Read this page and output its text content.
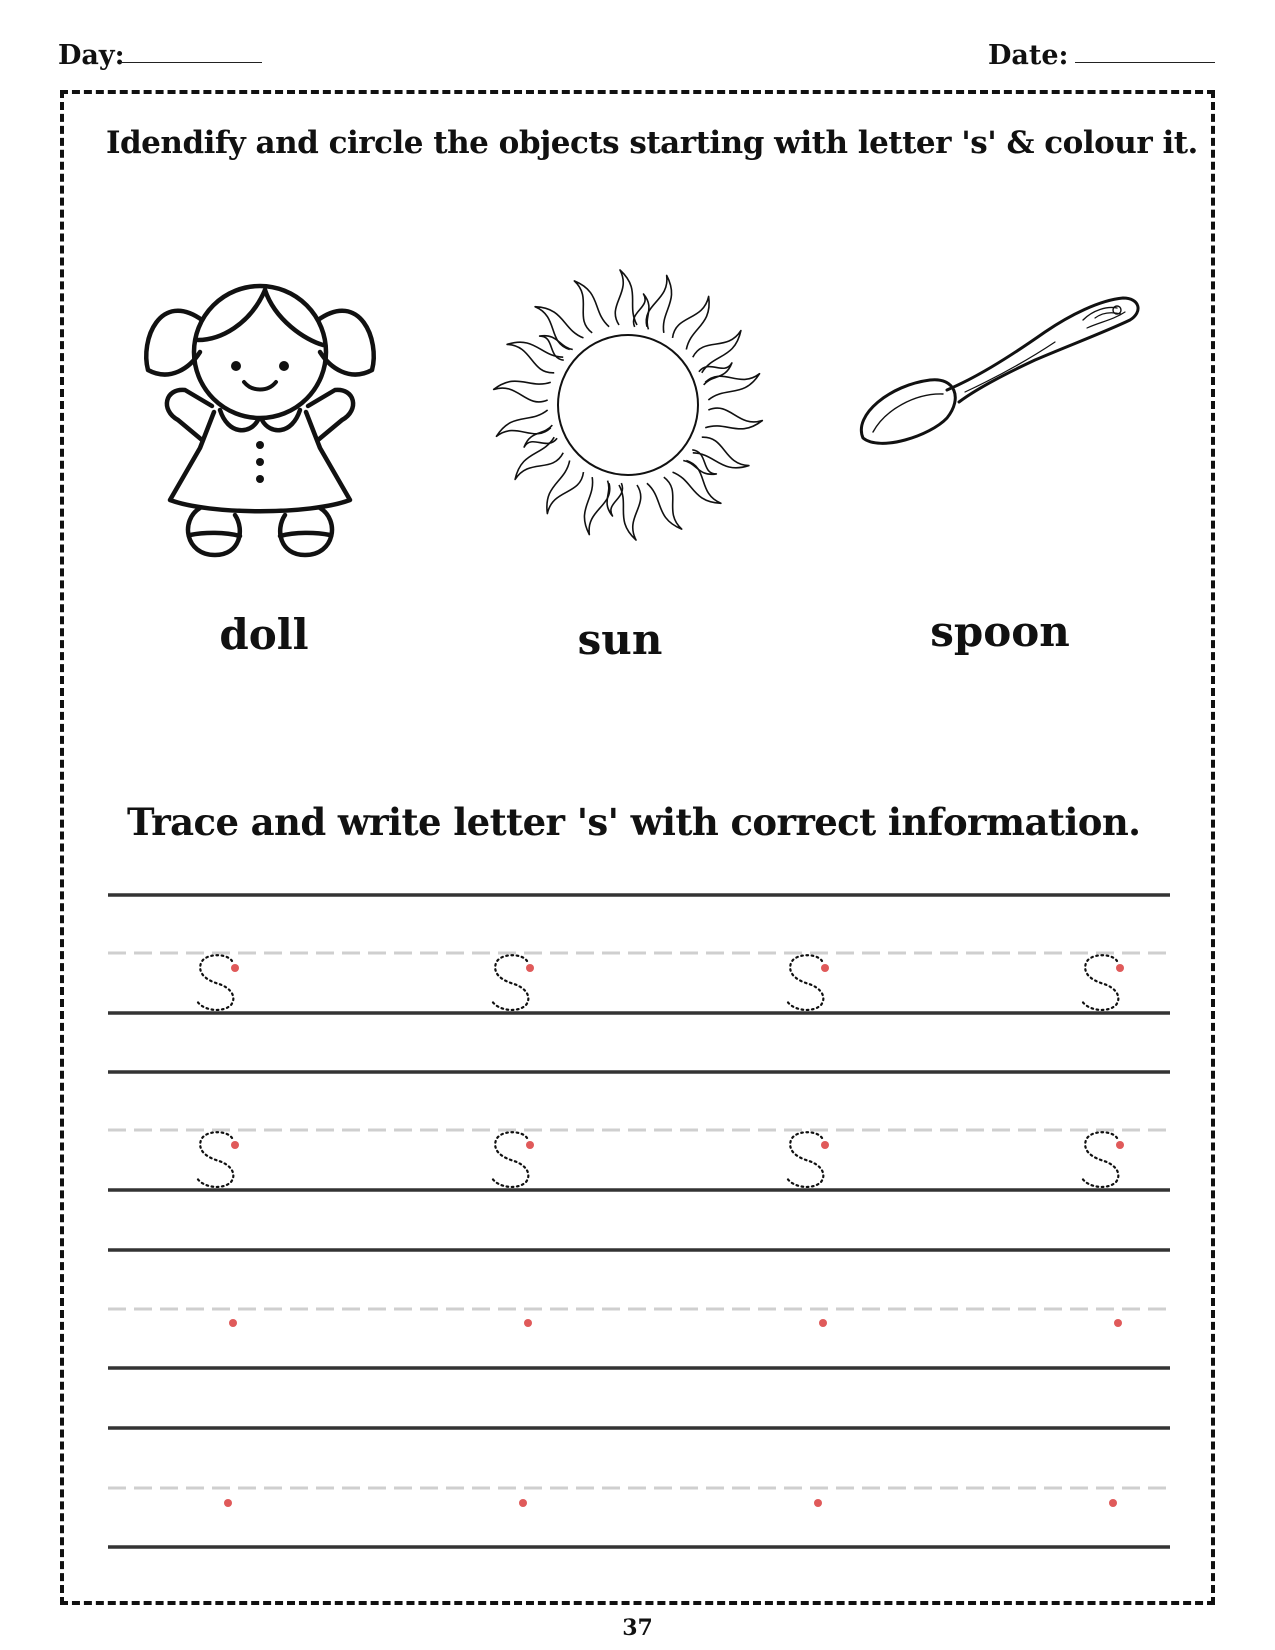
Day:	Date:
Idendify and circle the objects starting with letter 's' & colour it.
doll	sun	spoon
Trace and write letter 's' with correct information.
37
